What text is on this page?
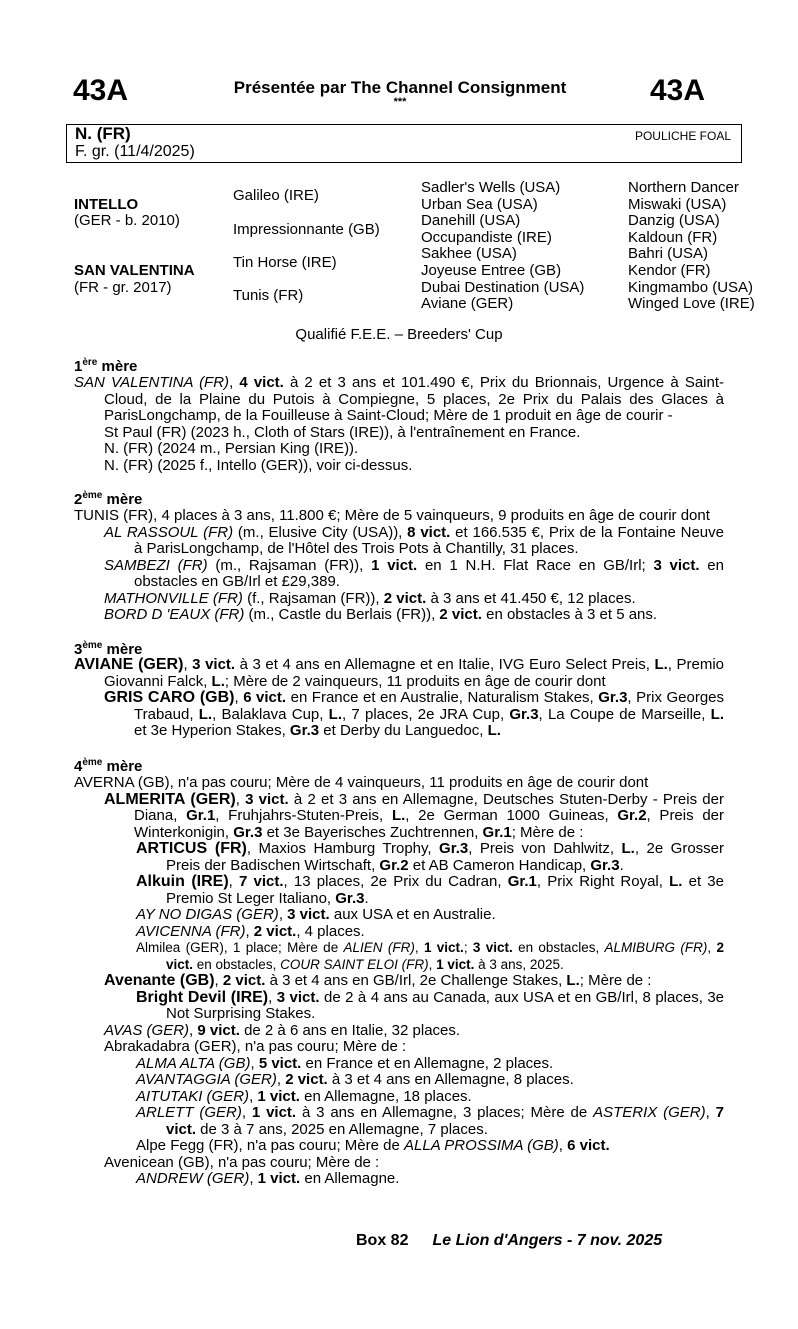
43A	Présentée par The Channel Consignment
***	43A
N. (FR)
F. gr. (11/4/2025)
POULICHE FOAL
INTELLO
(GER - b. 2010)
SAN VALENTINA
(FR - gr. 2017)
Galileo (IRE)
Impressionnante (GB)
Tin Horse (IRE)
Tunis (FR)
Sadler's Wells (USA)
Urban Sea (USA)
Danehill (USA)
Occupandiste (IRE)
Sakhee (USA)
Joyeuse Entree (GB)
Dubai Destination (USA)
Aviane (GER)
Northern Dancer
Miswaki (USA)
Danzig (USA)
Kaldoun (FR)
Bahri (USA)
Kendor (FR)
Kingmambo (USA)
Winged Love (IRE)
Qualifié F.E.E. – Breeders' Cup
1ère mère

SAN VALENTINA (FR), 4 vict. à 2 et 3 ans et 101.490 €, Prix du Brionnais, Urgence à Saint-Cloud, de la Plaine du Putois à Compiegne, 5 places, 2e Prix du Palais des Glaces à ParisLongchamp, de la Fouilleuse à Saint-Cloud; Mère de 1 produit en âge de courir -

St Paul (FR) (2023 h., Cloth of Stars (IRE)), à l'entraînement en France.

N. (FR) (2024 m., Persian King (IRE)).

N. (FR) (2025 f., Intello (GER)), voir ci-dessus.

2ème mère

TUNIS (FR), 4 places à 3 ans, 11.800 €; Mère de 5 vainqueurs, 9 produits en âge de courir dont

AL RASSOUL (FR) (m., Elusive City (USA)), 8 vict. et 166.535 €, Prix de la Fontaine Neuve à ParisLongchamp, de l'Hôtel des Trois Pots à Chantilly, 31 places.

SAMBEZI (FR) (m., Rajsaman (FR)), 1 vict. en 1 N.H. Flat Race en GB/Irl; 3 vict. en obstacles en GB/Irl et £29,389.

MATHONVILLE (FR) (f., Rajsaman (FR)), 2 vict. à 3 ans et 41.450 €, 12 places.

BORD D 'EAUX (FR) (m., Castle du Berlais (FR)), 2 vict. en obstacles à 3 et 5 ans.

3ème mère

AVIANE (GER), 3 vict. à 3 et 4 ans en Allemagne et en Italie, IVG Euro Select Preis, L., Premio Giovanni Falck, L.; Mère de 2 vainqueurs, 11 produits en âge de courir dont

GRIS CARO (GB), 6 vict. en France et en Australie, Naturalism Stakes, Gr.3, Prix Georges Trabaud, L., Balaklava Cup, L., 7 places, 2e JRA Cup, Gr.3, La Coupe de Marseille, L. et 3e Hyperion Stakes, Gr.3 et Derby du Languedoc, L.

4ème mère

AVERNA (GB), n'a pas couru; Mère de 4 vainqueurs, 11 produits en âge de courir dont

ALMERITA (GER), 3 vict. à 2 et 3 ans en Allemagne, Deutsches Stuten-Derby - Preis der Diana, Gr.1, Fruhjahrs-Stuten-Preis, L., 2e German 1000 Guineas, Gr.2, Preis der Winterkonigin, Gr.3 et 3e Bayerisches Zuchtrennen, Gr.1; Mère de :

ARTICUS (FR), Maxios Hamburg Trophy, Gr.3, Preis von Dahlwitz, L., 2e Grosser Preis der Badischen Wirtschaft, Gr.2 et AB Cameron Handicap, Gr.3.

Alkuin (IRE), 7 vict., 13 places, 2e Prix du Cadran, Gr.1, Prix Right Royal, L. et 3e Premio St Leger Italiano, Gr.3.

AY NO DIGAS (GER), 3 vict. aux USA et en Australie.

AVICENNA (FR), 2 vict., 4 places.

Almilea (GER), 1 place; Mère de ALIEN (FR), 1 vict.; 3 vict. en obstacles, ALMIBURG (FR), 2 vict. en obstacles, COUR SAINT ELOI (FR), 1 vict. à 3 ans, 2025.

Avenante (GB), 2 vict. à 3 et 4 ans en GB/Irl, 2e Challenge Stakes, L.; Mère de :

Bright Devil (IRE), 3 vict. de 2 à 4 ans au Canada, aux USA et en GB/Irl, 8 places, 3e Not Surprising Stakes.

AVAS (GER), 9 vict. de 2 à 6 ans en Italie, 32 places.

Abrakadabra (GER), n'a pas couru; Mère de :

ALMA ALTA (GB), 5 vict. en France et en Allemagne, 2 places.

AVANTAGGIA (GER), 2 vict. à 3 et 4 ans en Allemagne, 8 places.

AITUTAKI (GER), 1 vict. en Allemagne, 18 places.

ARLETT (GER), 1 vict. à 3 ans en Allemagne, 3 places; Mère de ASTERIX (GER), 7 vict. de 3 à 7 ans, 2025 en Allemagne, 7 places.

Alpe Fegg (FR), n'a pas couru; Mère de ALLA PROSSIMA (GB), 6 vict.

Avenicean (GB), n'a pas couru; Mère de :

ANDREW (GER), 1 vict. en Allemagne.

Box 82 Le Lion d'Angers - 7 nov. 2025
